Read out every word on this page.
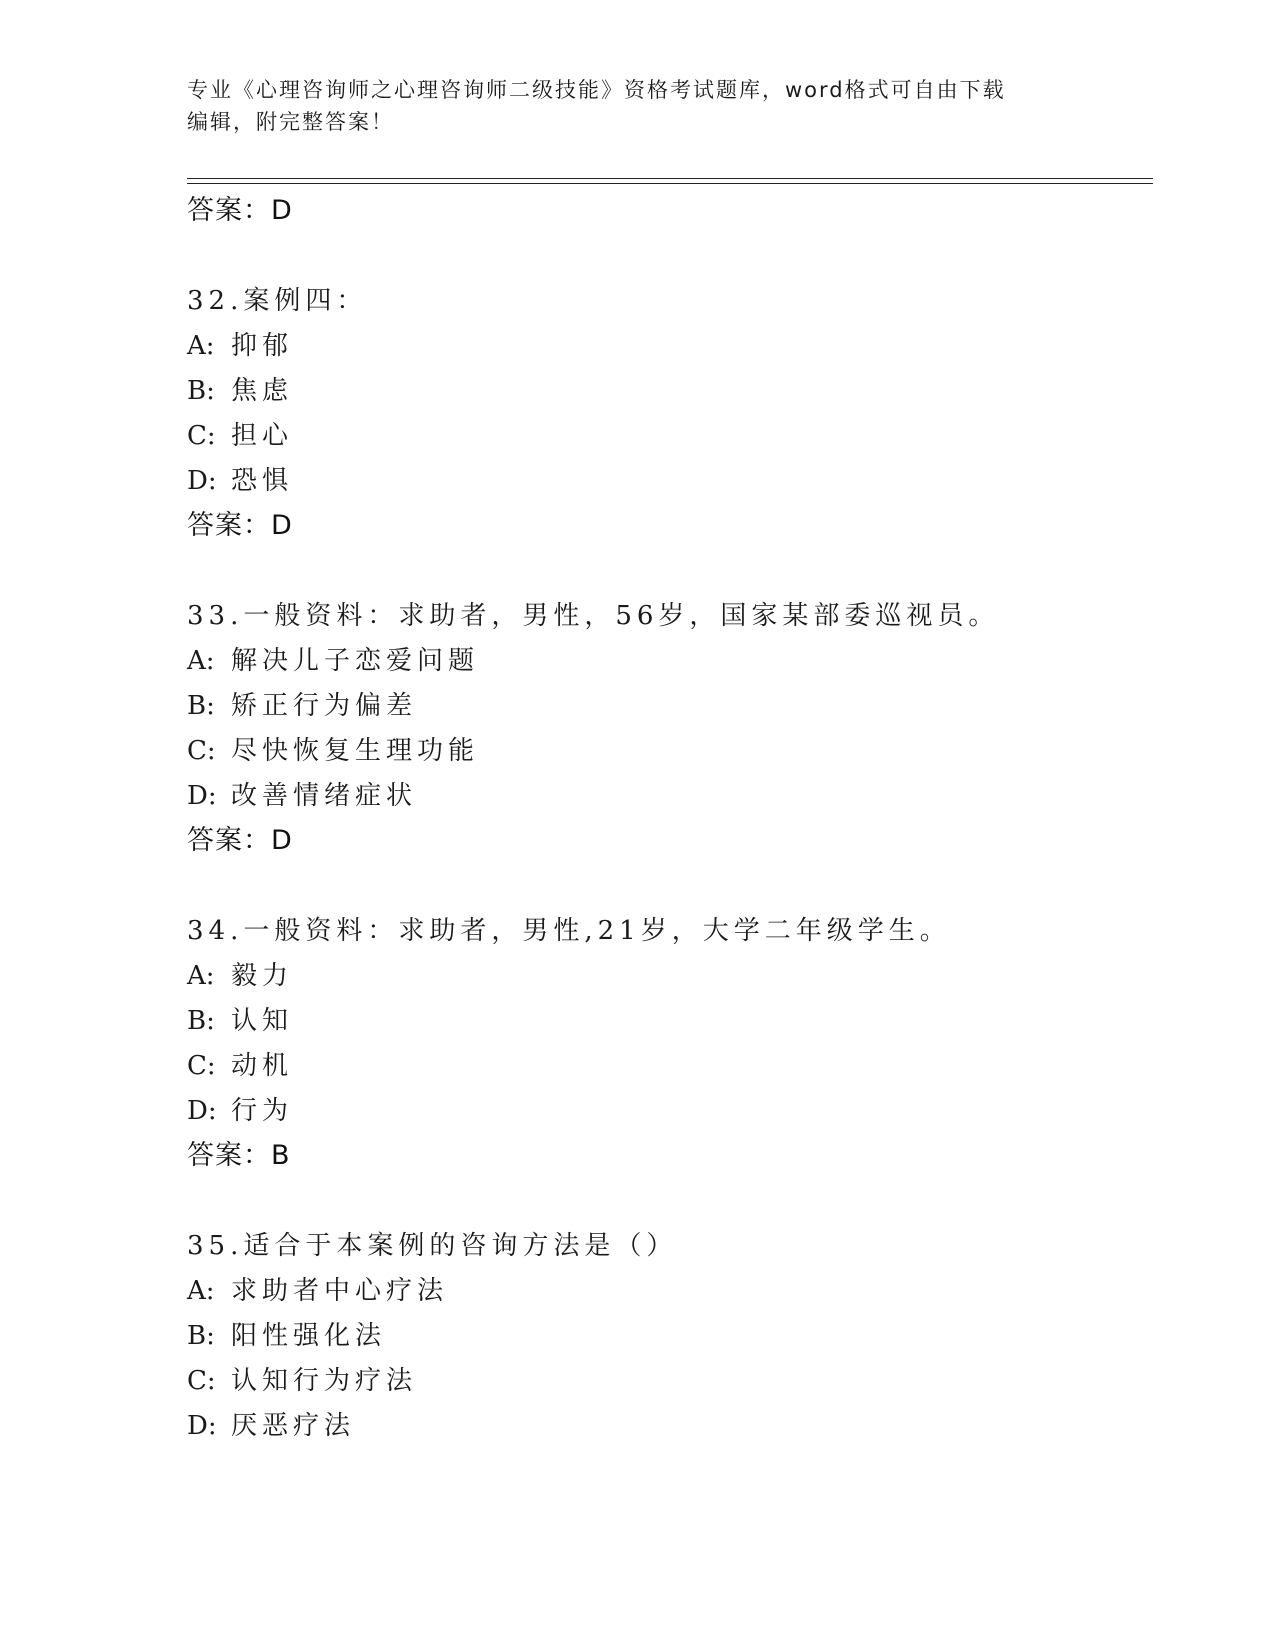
专业《心理咨询师之心理咨询师二级技能》资格考试题库，word格式可自由下载
编辑，附完整答案！
答案：D
32.案例四：
A: 抑郁
B: 焦虑
C: 担心
D: 恐惧
答案：D
33.一般资料：求助者，男性，56岁，国家某部委巡视员。
A: 解决儿子恋爱问题
B: 矫正行为偏差
C: 尽快恢复生理功能
D: 改善情绪症状
答案：D
34.一般资料：求助者，男性,21岁，大学二年级学生。
A: 毅力
B: 认知
C: 动机
D: 行为
答案：B
35.适合于本案例的咨询方法是（）
A: 求助者中心疗法
B: 阳性强化法
C: 认知行为疗法
D: 厌恶疗法
